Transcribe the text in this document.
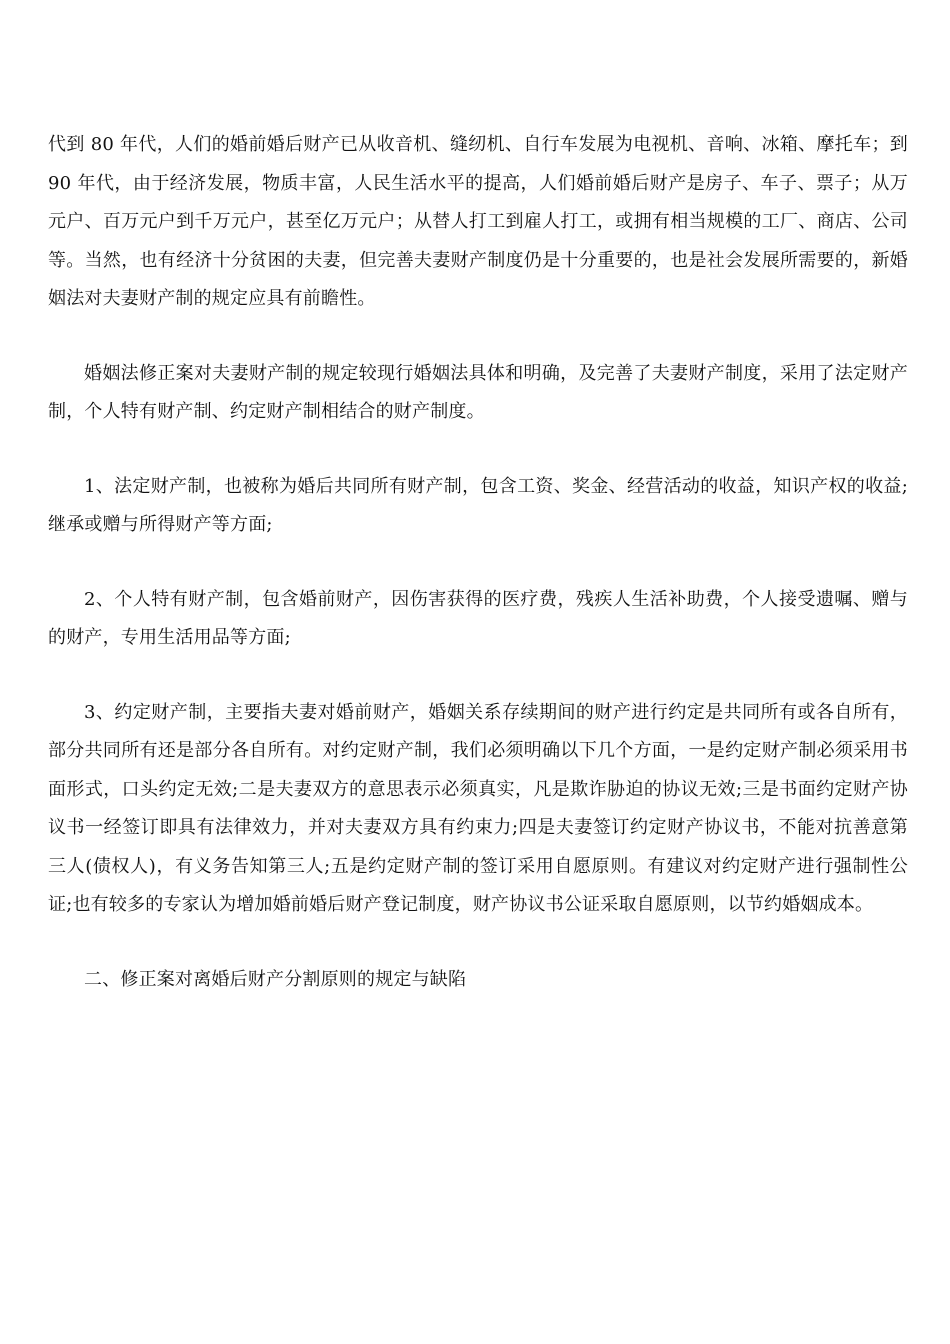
代到 80 年代，人们的婚前婚后财产已从收音机、缝纫机、自行车发展为电视机、音响、冰箱、摩托车；到 90 年代，由于经济发展，物质丰富，人民生活水平的提高，人们婚前婚后财产是房子、车子、票子；从万元户、百万元户到千万元户，甚至亿万元户；从替人打工到雇人打工，或拥有相当规模的工厂、商店、公司等。当然，也有经济十分贫困的夫妻，但完善夫妻财产制度仍是十分重要的，也是社会发展所需要的，新婚姻法对夫妻财产制的规定应具有前瞻性。

婚姻法修正案对夫妻财产制的规定较现行婚姻法具体和明确，及完善了夫妻财产制度，采用了法定财产制，个人特有财产制、约定财产制相结合的财产制度。

1、法定财产制，也被称为婚后共同所有财产制，包含工资、奖金、经营活动的收益，知识产权的收益;继承或赠与所得财产等方面;

2、个人特有财产制，包含婚前财产，因伤害获得的医疗费，残疾人生活补助费，个人接受遗嘱、赠与的财产，专用生活用品等方面;

3、约定财产制，主要指夫妻对婚前财产，婚姻关系存续期间的财产进行约定是共同所有或各自所有，部分共同所有还是部分各自所有。对约定财产制，我们必须明确以下几个方面，一是约定财产制必须采用书面形式，口头约定无效;二是夫妻双方的意思表示必须真实，凡是欺诈胁迫的协议无效;三是书面约定财产协议书一经签订即具有法律效力，并对夫妻双方具有约束力;四是夫妻签订约定财产协议书，不能对抗善意第三人(债权人)，有义务告知第三人;五是约定财产制的签订采用自愿原则。有建议对约定财产进行强制性公证;也有较多的专家认为增加婚前婚后财产登记制度，财产协议书公证采取自愿原则，以节约婚姻成本。

二、修正案对离婚后财产分割原则的规定与缺陷
